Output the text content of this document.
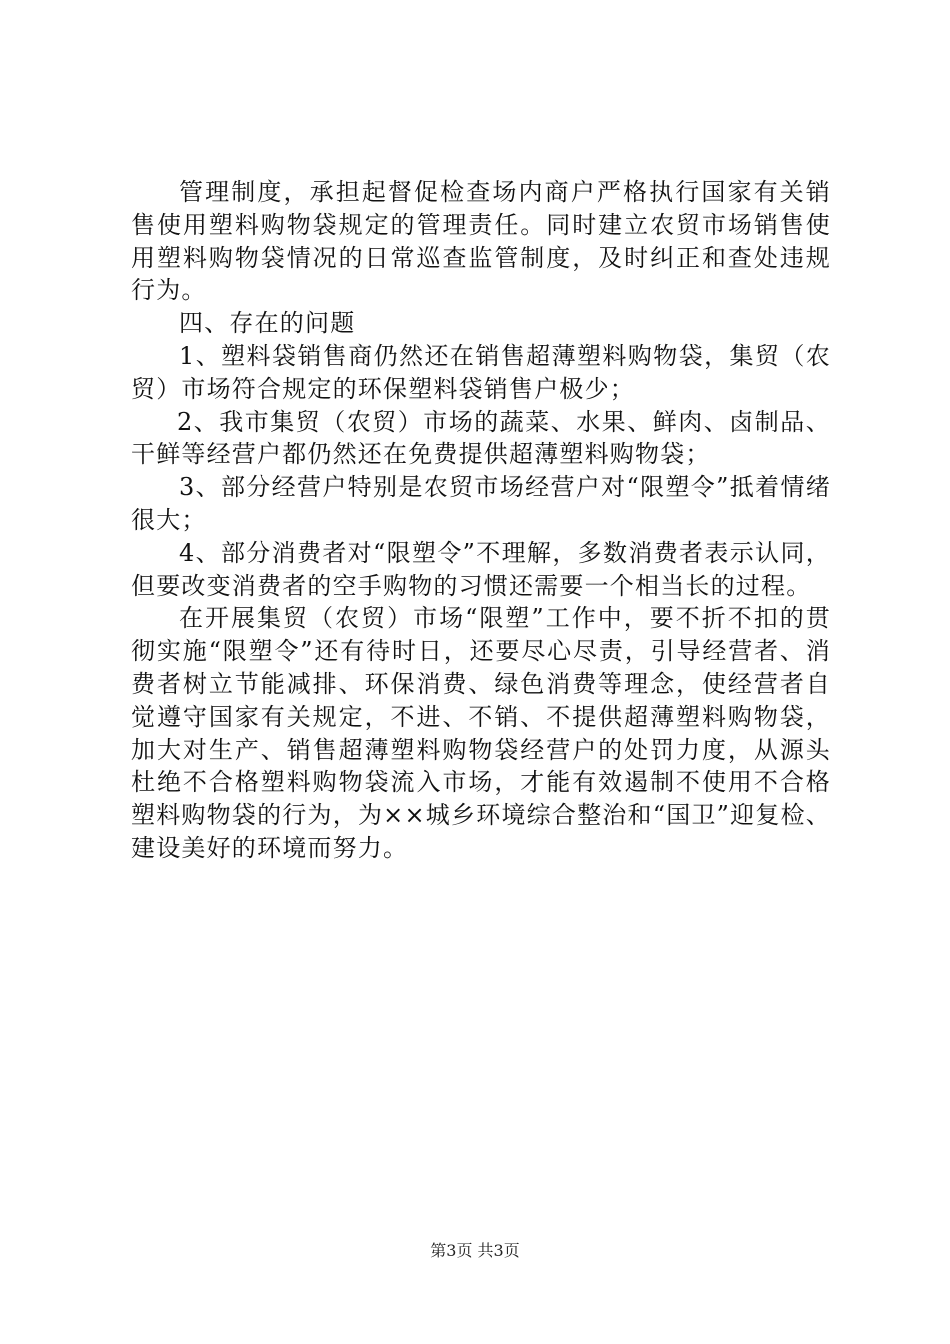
管理制度，承担起督促检查场内商户严格执行国家有关销售使用塑料购物袋规定的管理责任。同时建立农贸市场销售使用塑料购物袋情况的日常巡查监管制度，及时纠正和查处违规行为。

四、存在的问题

1、塑料袋销售商仍然还在销售超薄塑料购物袋，集贸（农贸）市场符合规定的环保塑料袋销售户极少；

2、我市集贸（农贸）市场的蔬菜、水果、鲜肉、卤制品、干鲜等经营户都仍然还在免费提供超薄塑料购物袋；

3、部分经营户特别是农贸市场经营户对“限塑令”抵着情绪很大；

4、部分消费者对“限塑令”不理解，多数消费者表示认同，但要改变消费者的空手购物的习惯还需要一个相当长的过程。

在开展集贸（农贸）市场“限塑”工作中，要不折不扣的贯彻实施“限塑令”还有待时日，还要尽心尽责，引导经营者、消费者树立节能减排、环保消费、绿色消费等理念，使经营者自觉遵守国家有关规定，不进、不销、不提供超薄塑料购物袋，加大对生产、销售超薄塑料购物袋经营户的处罚力度，从源头杜绝不合格塑料购物袋流入市场，才能有效遏制不使用不合格塑料购物袋的行为，为××城乡环境综合整治和“国卫”迎复检、建设美好的环境而努力。

第3页 共3页
